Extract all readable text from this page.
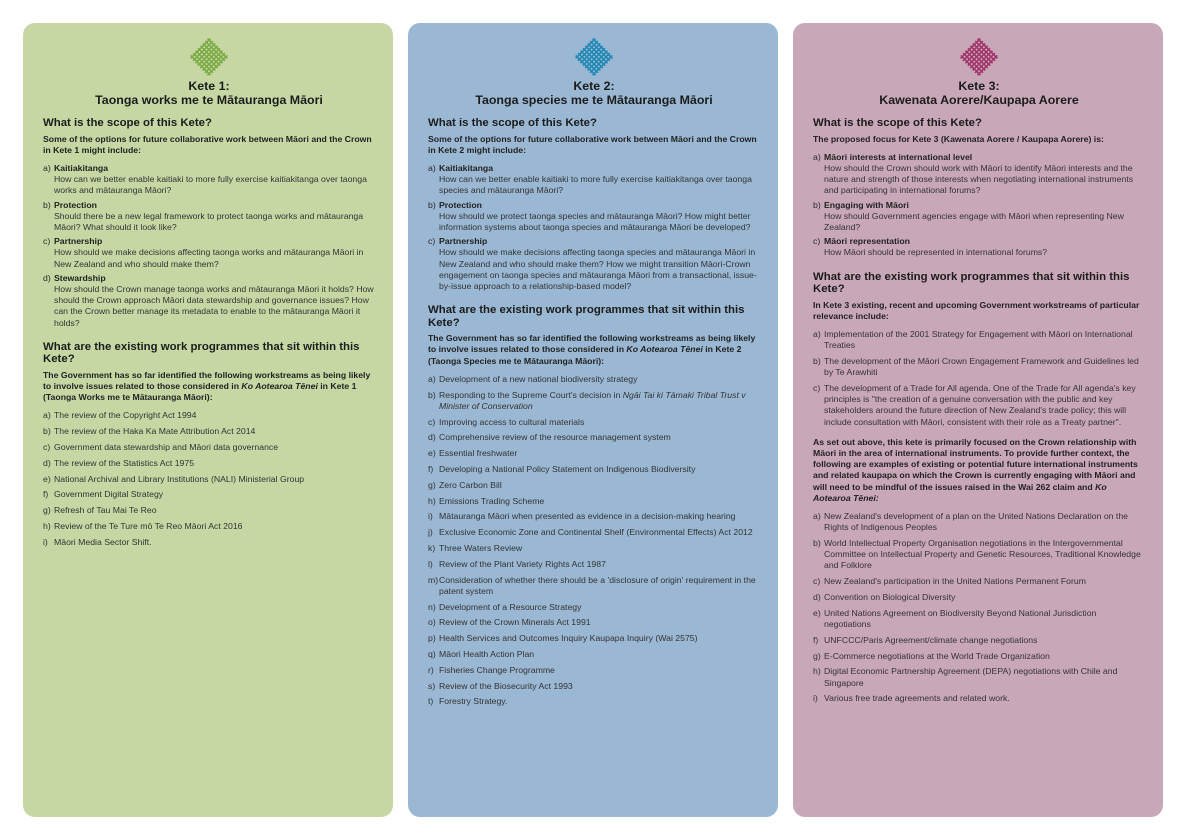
Kete 1:
Taonga works me te Mātauranga Māori
What is the scope of this Kete?
Some of the options for future collaborative work between Māori and the Crown in Kete 1 might include:
a) Kaitiakitanga
How can we better enable kaitiaki to more fully exercise kaitiakitanga over taonga works and mātauranga Māori?
b) Protection
Should there be a new legal framework to protect taonga works and mātauranga Māori? What should it look like?
c) Partnership
How should we make decisions affecting taonga works and mātauranga Māori in New Zealand and who should make them?
d) Stewardship
How should the Crown manage taonga works and mātauranga Māori it holds? How should the Crown approach Māori data stewardship and governance issues? How can the Crown better manage its metadata to enable to the mātauranga Māori it holds?
What are the existing work programmes that sit within this Kete?
The Government has so far identified the following workstreams as being likely to involve issues related to those considered in Ko Aotearoa Tēnei in Kete 1 (Taonga Works me te Mātauranga Māori):
a) The review of the Copyright Act 1994
b) The review of the Haka Ka Mate Attribution Act 2014
c) Government data stewardship and Māori data governance
d) The review of the Statistics Act 1975
e) National Archival and Library Institutions (NALI) Ministerial Group
f) Government Digital Strategy
g) Refresh of Tau Mai Te Reo
h) Review of the Te Ture mō Te Reo Māori Act 2016
i) Māori Media Sector Shift.
Kete 2:
Taonga species me te Mātauranga Māori
What is the scope of this Kete?
Some of the options for future collaborative work between Māori and the Crown in Kete 2 might include:
a) Kaitiakitanga
How can we better enable kaitiaki to more fully exercise kaitiakitanga over taonga species and mātauranga Māori?
b) Protection
How should we protect taonga species and mātauranga Māori? How might better information systems about taonga species and mātauranga Māori be developed?
c) Partnership
How should we make decisions affecting taonga species and mātauranga Māori in New Zealand and who should make them? How we might transition Māori-Crown engagement on taonga species and mātauranga Māori from a transactional, issue-by-issue approach to a relationship-based model?
What are the existing work programmes that sit within this Kete?
The Government has so far identified the following workstreams as being likely to involve issues related to those considered in Ko Aotearoa Tēnei in Kete 2 (Taonga Species me te Mātauranga Māori):
a) Development of a new national biodiversity strategy
b) Responding to the Supreme Court's decision in Ngāi Tai ki Tāmaki Tribal Trust v Minister of Conservation
c) Improving access to cultural materials
d) Comprehensive review of the resource management system
e) Essential freshwater
f) Developing a National Policy Statement on Indigenous Biodiversity
g) Zero Carbon Bill
h) Emissions Trading Scheme
i) Mātauranga Māori when presented as evidence in a decision-making hearing
j) Exclusive Economic Zone and Continental Shelf (Environmental Effects) Act 2012
k) Three Waters Review
l) Review of the Plant Variety Rights Act 1987
m) Consideration of whether there should be a 'disclosure of origin' requirement in the patent system
n) Development of a Resource Strategy
o) Review of the Crown Minerals Act 1991
p) Health Services and Outcomes Inquiry Kaupapa Inquiry (Wai 2575)
q) Māori Health Action Plan
r) Fisheries Change Programme
s) Review of the Biosecurity Act 1993
t) Forestry Strategy.
Kete 3:
Kawenata Aorere/Kaupapa Aorere
What is the scope of this Kete?
The proposed focus for Kete 3 (Kawenata Aorere / Kaupapa Aorere) is:
a) Māori interests at international level
How should the Crown should work with Māori to identify Māori interests and the nature and strength of those interests when negotiating international instruments and participating in international forums?
b) Engaging with Māori
How should Government agencies engage with Māori when representing New Zealand?
c) Māori representation
How Māori should be represented in international forums?
What are the existing work programmes that sit within this Kete?
In Kete 3 existing, recent and upcoming Government workstreams of particular relevance include:
a) Implementation of the 2001 Strategy for Engagement with Māori on International Treaties
b) The development of the Māori Crown Engagement Framework and Guidelines led by Te Arawhiti
c) The development of a Trade for All agenda. One of the Trade for All agenda's key principles is "the creation of a genuine conversation with the public and key stakeholders around the future direction of New Zealand's trade policy; this will include consultation with Māori, consistent with their role as a Treaty partner".
As set out above, this kete is primarily focused on the Crown relationship with Māori in the area of international instruments. To provide further context, the following are examples of existing or potential future international instruments and related kaupapa on which the Crown is currently engaging with Māori and will need to be mindful of the issues raised in the Wai 262 claim and Ko Aotearoa Tēnei:
a) New Zealand's development of a plan on the United Nations Declaration on the Rights of Indigenous Peoples
b) World Intellectual Property Organisation negotiations in the Intergovernmental Committee on Intellectual Property and Genetic Resources, Traditional Knowledge and Folklore
c) New Zealand's participation in the United Nations Permanent Forum
d) Convention on Biological Diversity
e) United Nations Agreement on Biodiversity Beyond National Jurisdiction negotiations
f) UNFCCC/Paris Agreement/climate change negotiations
g) E-Commerce negotiations at the World Trade Organization
h) Digital Economic Partnership Agreement (DEPA) negotiations with Chile and Singapore
i) Various free trade agreements and related work.
